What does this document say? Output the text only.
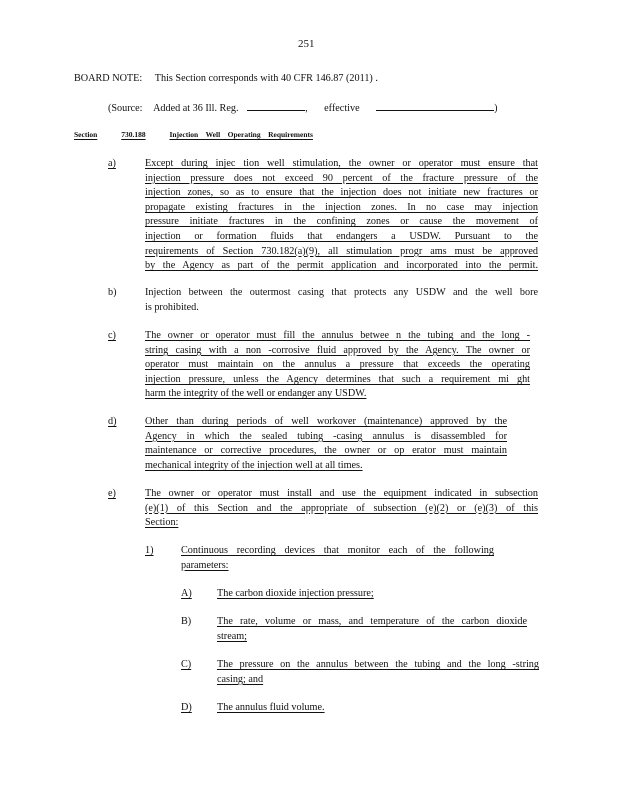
251
BOARD NOTE: This Section corresponds with 40 CFR 146.87 (2011) .
(Source: Added at 36 Ill. Reg.	, effective	)
Section	730.188	Injection    Well    Operating    Requirements
a)	Except during injec tion well stimulation, the owner or operator must ensure that
injection pressure does not exceed 90 percent of the fracture pressure of the
injection zones, so as to ensure that the injection does not initiate new fractures or
propagate existing fractures in the injection zones. In no case may injection
pressure initiate fractures in the confining zones or cause the movement of
injection or formation fluids that endangers a USDW. Pursuant to the
requirements of Section 730.182(a)(9), all stimulation progr ams must be approved
by the Agency as part of the permit application and incorporated into the permit.
b)	Injection between the outermost casing that protects any USDW and the well bore
is prohibited.
c)	The owner or operator must fill the annulus betwee n the tubing and the long -
string casing with a non -corrosive fluid approved by the Agency. The owner or
operator must maintain on the annulus a pressure that exceeds the operating
injection pressure, unless the Agency determines that such a requirement mi ght
harm the integrity of the well or endanger any USDW.
d)	Other than during periods of well workover (maintenance) approved by the
Agency in which the sealed tubing -casing annulus is disassembled for
maintenance or corrective procedures, the owner or op erator must maintain
mechanical integrity of the injection well at all times.
e)	The owner or operator must install and use the equipment indicated in subsection
(e)(1) of this Section and the appropriate of subsection (e)(2) or (e)(3) of this
Section:
1)	Continuous recording devices that monitor each of the following
parameters:
A) The carbon dioxide injection pressure;
B)	The rate, volume or mass, and temperature of the carbon dioxide
stream;
C)	The pressure on the annulus between the tubing and the long -string
casing; and
D) The annulus fluid volume.
